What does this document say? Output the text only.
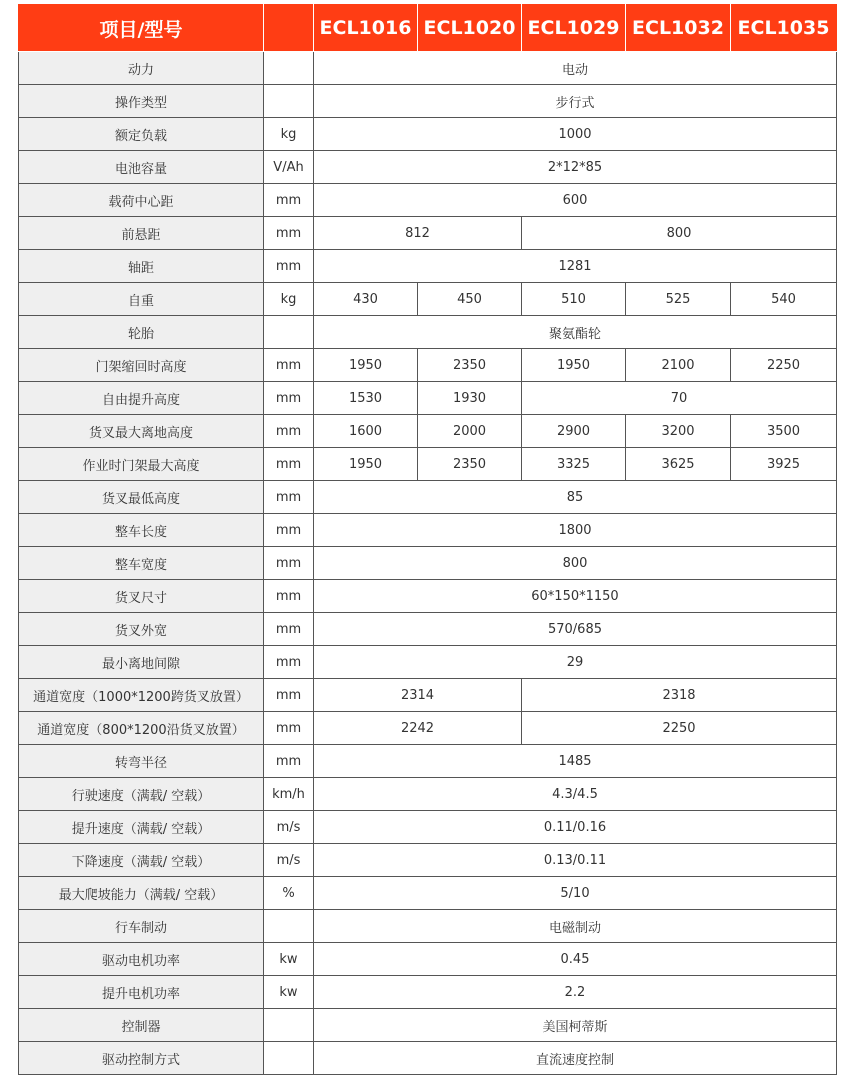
项目/型号		ECL1016	ECL1020	ECL1029	ECL1032	ECL1035
动力		电动				
操作类型		步行式				
额定负载	kg	1000				
电池容量	V/Ah	2*12*85				
载荷中心距	mm	600				
前悬距	mm	812		800		
轴距	mm	1281				
自重	kg	430	450	510	525	540
轮胎		聚氨酯轮				
门架缩回时高度	mm	1950	2350	1950	2100	2250
自由提升高度	mm	1530	1930	70		
货叉最大离地高度	mm	1600	2000	2900	3200	3500
作业时门架最大高度	mm	1950	2350	3325	3625	3925
货叉最低高度	mm	85				
整车长度	mm	1800				
整车宽度	mm	800				
货叉尺寸	mm	60*150*1150				
货叉外宽	mm	570/685				
最小离地间隙	mm	29				
通道宽度（1000*1200跨货叉放置）	mm	2314		2318		
通道宽度（800*1200沿货叉放置）	mm	2242		2250		
转弯半径	mm	1485				
行驶速度（满载/ 空载）	km/h	4.3/4.5				
提升速度（满载/ 空载）	m/s	0.11/0.16				
下降速度（满载/ 空载）	m/s	0.13/0.11				
最大爬坡能力（满载/ 空载）	%	5/10				
行车制动		电磁制动				
驱动电机功率	kw	0.45				
提升电机功率	kw	2.2				
控制器		美国柯蒂斯				
驱动控制方式		直流速度控制				
